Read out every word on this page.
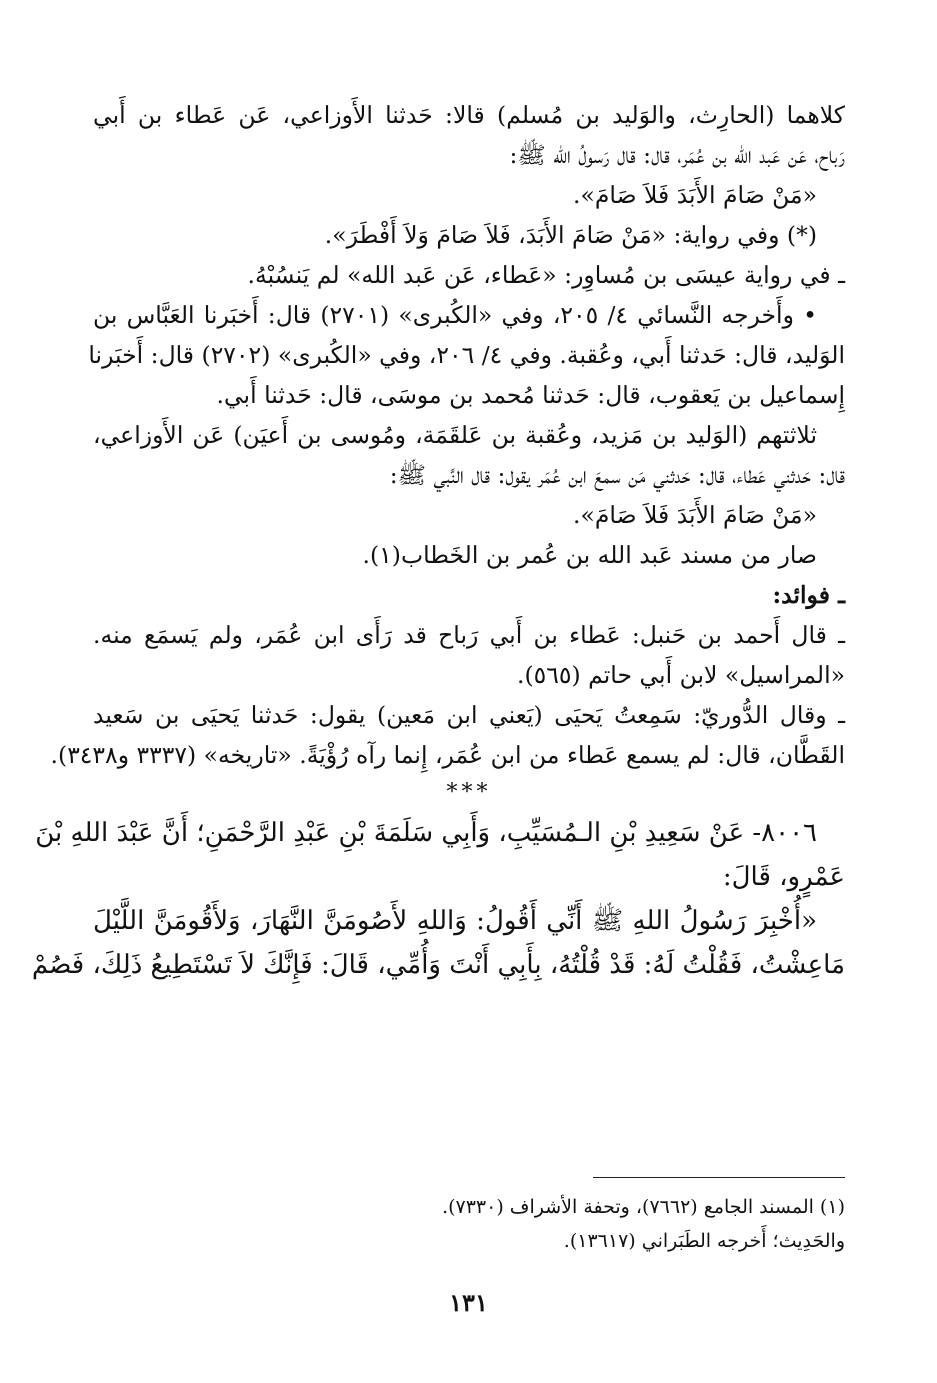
كلاهما (الحارِث، والوَليد بن مُسلم) قالا: حَدثنا الأَوزاعي، عَن عَطاء بن أَبي
رَباح، عَن عَبد الله بن عُمَر، قال: قال رَسولُ الله ﷺ:
«مَنْ صَامَ الأَبَدَ فَلاَ صَامَ».
(*) وفي رواية: «مَنْ صَامَ الأَبَدَ، فَلاَ صَامَ وَلاَ أَفْطَرَ».
ـ في رواية عيسَى بن مُساوِر: «عَطاء، عَن عَبد الله» لم يَنسُبْهُ.
• وأَخرجه النَّسائي ٤/ ٢٠٥، وفي «الكُبرى» (٢٧٠١) قال: أَخبَرنا العَبَّاس بن
الوَليد، قال: حَدثنا أَبي، وعُقبة. وفي ٤/ ٢٠٦، وفي «الكُبرى» (٢٧٠٢) قال: أَخبَرنا
إِسماعيل بن يَعقوب، قال: حَدثنا مُحمد بن موسَى، قال: حَدثنا أَبي.
ثلاثتهم (الوَليد بن مَزيد، وعُقبة بن عَلقَمَة، ومُوسى بن أَعيَن) عَن الأَوزاعي،
قال: حَدثني عَطاء، قال: حَدثني مَن سمعَ ابن عُمَر يقول: قال النَّبي ﷺ:
«مَنْ صَامَ الأَبَدَ فَلاَ صَامَ».
صار من مسند عَبد الله بن عُمر بن الخَطاب(١).
ـ فوائد:
ـ قال أَحمد بن حَنبل: عَطاء بن أَبي رَباح قد رَأَى ابن عُمَر، ولم يَسمَع منه.
«المراسيل» لابن أَبي حاتم (٥٦٥).
ـ وقال الدُّوريّ: سَمِعتُ يَحيَى (يَعني ابن مَعين) يقول: حَدثنا يَحيَى بن سَعيد
القَطَّان، قال: لم يسمع عَطاء من ابن عُمَر، إِنما رآه رُؤْيَةً. «تاريخه» (٣٣٣٧ و٣٤٣٨).
***
٨٠٠٦- عَنْ سَعِيدِ بْنِ الـمُسَيِّبِ، وَأَبِي سَلَمَةَ بْنِ عَبْدِ الرَّحْمَنِ؛ أَنَّ عَبْدَ اللهِ بْنَ
عَمْرٍو، قَالَ:
«أُخْبِرَ رَسُولُ اللهِ ﷺ أَنِّي أَقُولُ: وَاللهِ لأَصُومَنَّ النَّهَارَ، وَلأَقُومَنَّ اللَّيْلَ
مَاعِشْتُ، فَقُلْتُ لَهُ: قَدْ قُلْتُهُ، بِأَبِي أَنْتَ وَأُمِّي، قَالَ: فَإِنَّكَ لاَ تَسْتَطِيعُ ذَلِكَ، فَصُمْ
(١) المسند الجامع (٧٦٦٢)، وتحفة الأشراف (٧٣٣٠).
والحَدِيث؛ أَخرجه الطَبَراني (١٣٦١٧).
١٣١
